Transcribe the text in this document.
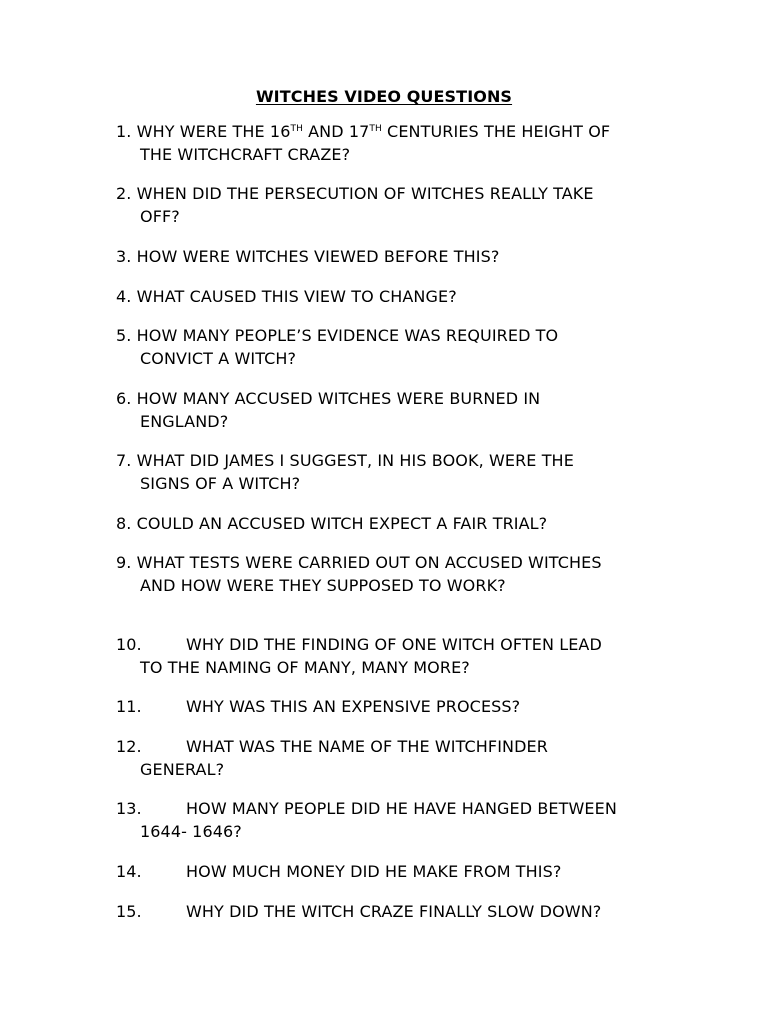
WITCHES VIDEO QUESTIONS
1. WHY WERE THE 16TH AND 17TH CENTURIES THE HEIGHT OF
THE WITCHCRAFT CRAZE?
2. WHEN DID THE PERSECUTION OF WITCHES REALLY TAKE
OFF?
3. HOW WERE WITCHES VIEWED BEFORE THIS?
4. WHAT CAUSED THIS VIEW TO CHANGE?
5. HOW MANY PEOPLE’S EVIDENCE WAS REQUIRED TO
CONVICT A WITCH?
6. HOW MANY ACCUSED WITCHES WERE BURNED IN
ENGLAND?
7. WHAT DID JAMES I SUGGEST, IN HIS BOOK, WERE THE
SIGNS OF A WITCH?
8. COULD AN ACCUSED WITCH EXPECT A FAIR TRIAL?
9. WHAT TESTS WERE CARRIED OUT ON ACCUSED WITCHES
AND HOW WERE THEY SUPPOSED TO WORK?
10.	WHY DID THE FINDING OF ONE WITCH OFTEN LEAD
TO THE NAMING OF MANY, MANY MORE?
11.	WHY WAS THIS AN EXPENSIVE PROCESS?
12.	WHAT WAS THE NAME OF THE WITCHFINDER
GENERAL?
13.	HOW MANY PEOPLE DID HE HAVE HANGED BETWEEN
1644- 1646?
14.	HOW MUCH MONEY DID HE MAKE FROM THIS?
15.	WHY DID THE WITCH CRAZE FINALLY SLOW DOWN?
